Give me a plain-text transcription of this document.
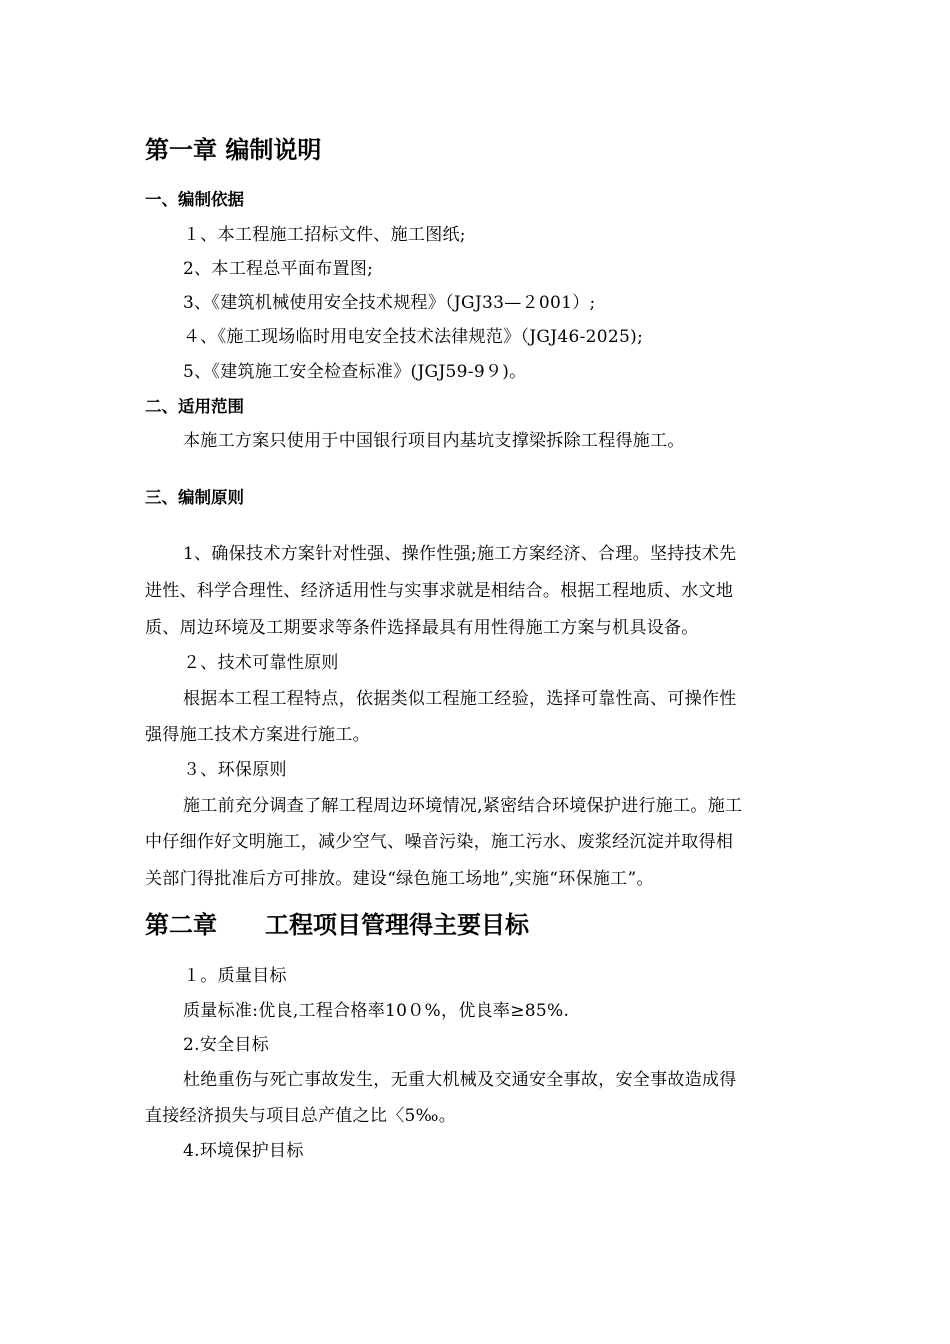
第一章 编制说明
一、编制依据
１、本工程施工招标文件、施工图纸;
2、本工程总平面布置图;
3、《建筑机械使用安全技术规程》（JGJ33—２001）;
４、《施工现场临时用电安全技术法律规范》（JGJ46-2025);
5、《建筑施工安全检查标准》(JGJ59-9９)。
二、适用范围
本施工方案只使用于中国银行项目内基坑支撑梁拆除工程得施工。
三、编制原则
1、确保技术方案针对性强、操作性强;施工方案经济、合理。坚持技术先
进性、科学合理性、经济适用性与实事求就是相结合。根据工程地质、水文地
质、周边环境及工期要求等条件选择最具有用性得施工方案与机具设备。
２、技术可靠性原则
根据本工程工程特点，依据类似工程施工经验，选择可靠性高、可操作性
强得施工技术方案进行施工。
３、环保原则
施工前充分调查了解工程周边环境情况,紧密结合环境保护进行施工。施工
中仔细作好文明施工，减少空气、噪音污染，施工污水、废浆经沉淀并取得相
关部门得批准后方可排放。建设“绿色施工场地”,实施“环保施工”。
第二章　　工程项目管理得主要目标
１。质量目标
质量标准:优良,工程合格率10０%，优良率≥85%.
2.安全目标
杜绝重伤与死亡事故发生，无重大机械及交通安全事故，安全事故造成得
直接经济损失与项目总产值之比〈5‰。
4.环境保护目标
